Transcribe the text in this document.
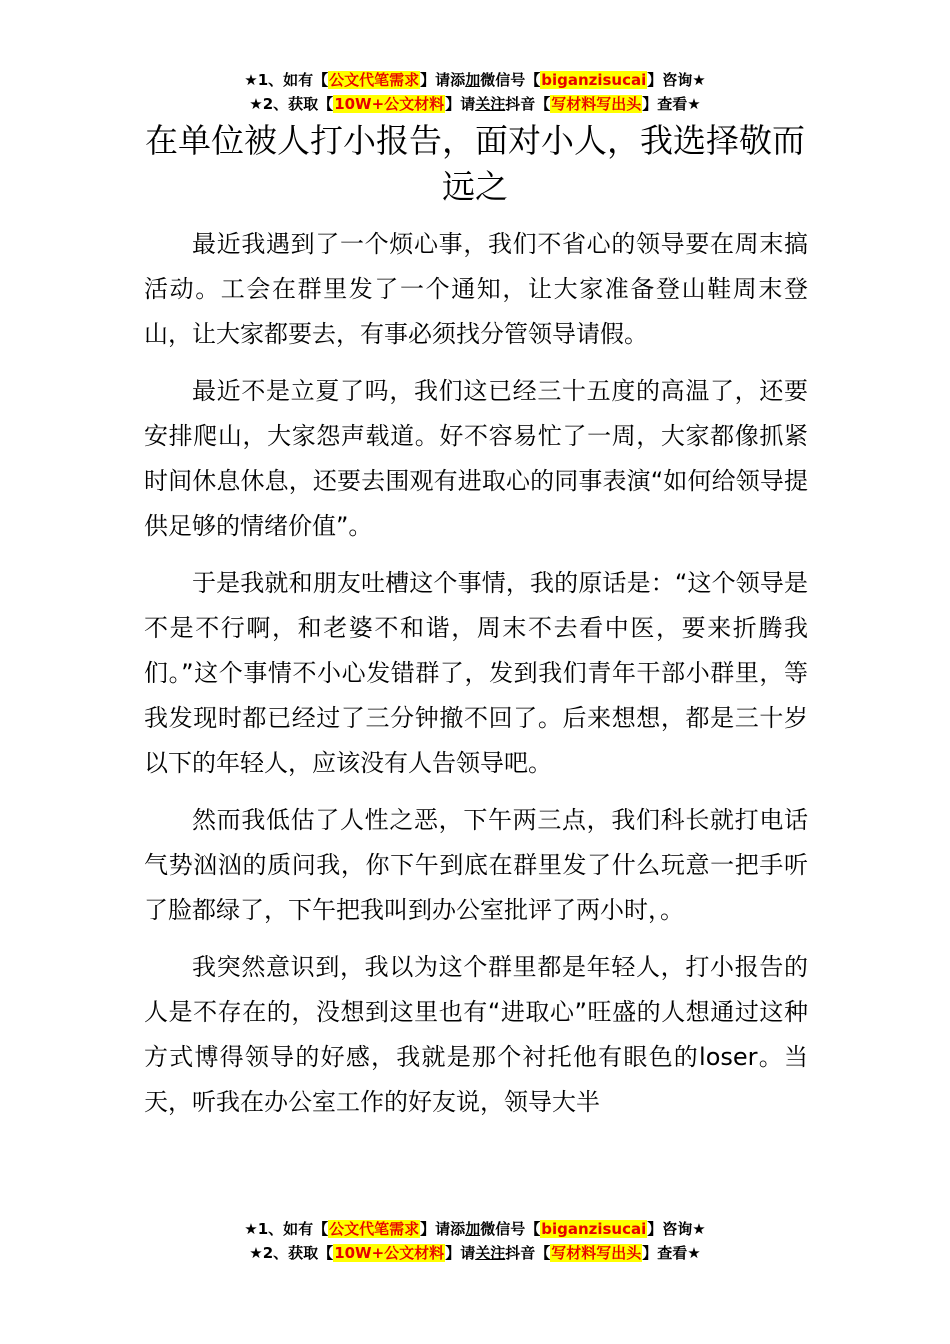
★1、如有【公文代笔需求】请添加微信号【biganzisucai】咨询★
★2、获取【10W+公文材料】请关注抖音【写材料写出头】查看★
在单位被人打小报告，面对小人，我选择敬而远之

最近我遇到了一个烦心事，我们不省心的领导要在周末搞活动。工会在群里发了一个通知，让大家准备登山鞋周末登山，让大家都要去，有事必须找分管领导请假。

最近不是立夏了吗，我们这已经三十五度的高温了，还要安排爬山，大家怨声载道。好不容易忙了一周，大家都像抓紧时间休息休息，还要去围观有进取心的同事表演“如何给领导提供足够的情绪价值”。

于是我就和朋友吐槽这个事情，我的原话是：“这个领导是不是不行啊，和老婆不和谐，周末不去看中医，要来折腾我们。”这个事情不小心发错群了，发到我们青年干部小群里，等我发现时都已经过了三分钟撤不回了。后来想想，都是三十岁以下的年轻人，应该没有人告领导吧。

然而我低估了人性之恶，下午两三点，我们科长就打电话气势汹汹的质问我，你下午到底在群里发了什么玩意一把手听了脸都绿了，下午把我叫到办公室批评了两小时，。

我突然意识到，我以为这个群里都是年轻人，打小报告的人是不存在的，没想到这里也有“进取心”旺盛的人想通过这种方式博得领导的好感，我就是那个衬托他有眼色的loser。当天，听我在办公室工作的好友说，领导大半

★1、如有【公文代笔需求】请添加微信号【biganzisucai】咨询★
★2、获取【10W+公文材料】请关注抖音【写材料写出头】查看★
